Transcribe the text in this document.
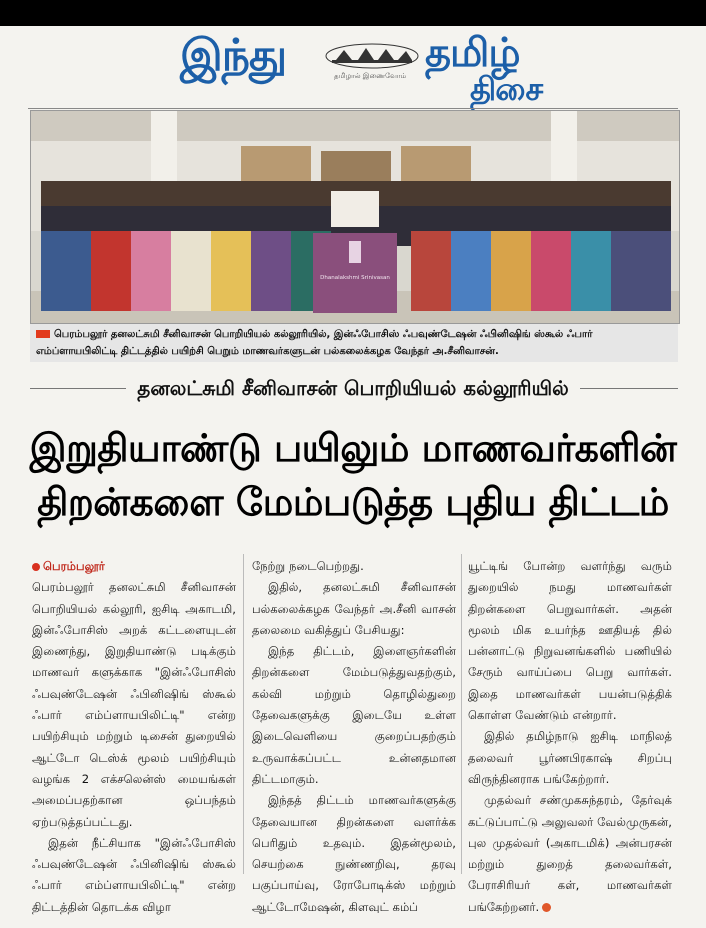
இந்து	தமிழால் இணைவோம் தமிழ்
திசை
Dhanalakshmi Srinivasan
பெரம்பலூர் தனலட்சுமி சீனிவாசன் பொறியியல் கல்லூரியில், இன்ஃபோசிஸ் ஃபவுண்டேஷன் ஃபினிஷிங் ஸ்கூல் ஃபார் எம்ப்ளாயபிலிட்டி திட்டத்தில் பயிற்சி பெறும் மாணவர்களுடன் பல்கலைக்கழக வேந்தர் அ.சீனிவாசன்.
தனலட்சுமி சீனிவாசன் பொறியியல் கல்லூரியில்
இறுதியாண்டு பயிலும் மாணவர்களின்
திறன்களை மேம்படுத்த புதிய திட்டம்

பெரம்பலூர்

பெரம்பலூர் தனலட்சுமி சீனிவாசன் பொறியியல் கல்லூரி, ஐசிடி அகாடமி, இன்ஃபோசிஸ் அறக் கட்டளையுடன் இணைந்து, இறுதியாண்டு படிக்கும் மாணவர் களுக்காக "இன்ஃபோசிஸ் ஃபவுண்டேஷன் ஃபினிஷிங் ஸ்கூல் ஃபார் எம்ப்ளாயபிலிட்டி" என்ற பயிற்சியும் மற்றும் டிசைன் துறையில் ஆட்டோ டெஸ்க் மூலம் பயிற்சியும் வழங்க 2 எக்சலென்ஸ் மையங்கள் அமைப்பதற்கான ஒப்பந்தம் ஏற்படுத்தப்பட்டது.

இதன் நீட்சியாக "இன்ஃபோசிஸ் ஃபவுண்டேஷன் ஃபினிஷிங் ஸ்கூல் ஃபார் எம்ப்ளாயபிலிட்டி" என்ற திட்டத்தின் தொடக்க விழா

நேற்று நடைபெற்றது.

இதில், தனலட்சுமி சீனிவாசன் பல்கலைக்கழக வேந்தர் அ.சீனி வாசன் தலைமை வகித்துப் பேசியது:

இந்த திட்டம், இளைஞர்களின் திறன்களை மேம்படுத்துவதற்கும், கல்வி மற்றும் தொழில்துறை தேவைகளுக்கு இடையே உள்ள இடைவெளியை குறைப்பதற்கும் உருவாக்கப்பட்ட உன்னதமான திட்டமாகும்.

இந்தத் திட்டம் மாணவர்களுக்கு தேவையான திறன்களை வளர்க்க பெரிதும் உதவும். இதன்மூலம், செயற்கை நுண்ணறிவு, தரவு பகுப்பாய்வு, ரோபோடிக்ஸ் மற்றும் ஆட்டோமேஷன், கிளவுட் கம்ப்

யூட்டிங் போன்ற வளர்ந்து வரும் துறையில் நமது மாணவர்கள் திறன்களை பெறுவார்கள். அதன் மூலம் மிக உயர்ந்த ஊதியத் தில் பன்னாட்டு நிறுவனங்களில் பணியில் சேரும் வாய்ப்பை பெறு வார்கள். இதை மாணவர்கள் பயன்படுத்திக் கொள்ள வேண்டும் என்றார்.

இதில் தமிழ்நாடு ஐசிடி மாநிலத் தலைவர் பூர்ணபிரகாஷ் சிறப்பு விருந்தினராக பங்கேற்றார்.

முதல்வர் சண்முகசுந்தரம், தேர்வுக் கட்டுப்பாட்டு அலுவலர் வேல்முருகன், புல முதல்வர் (அகாடமிக்) அன்பரசன் மற்றும் துறைத் தலைவர்கள், பேராசிரியர் கள், மாணவர்கள் பங்கேற்றனர்.
